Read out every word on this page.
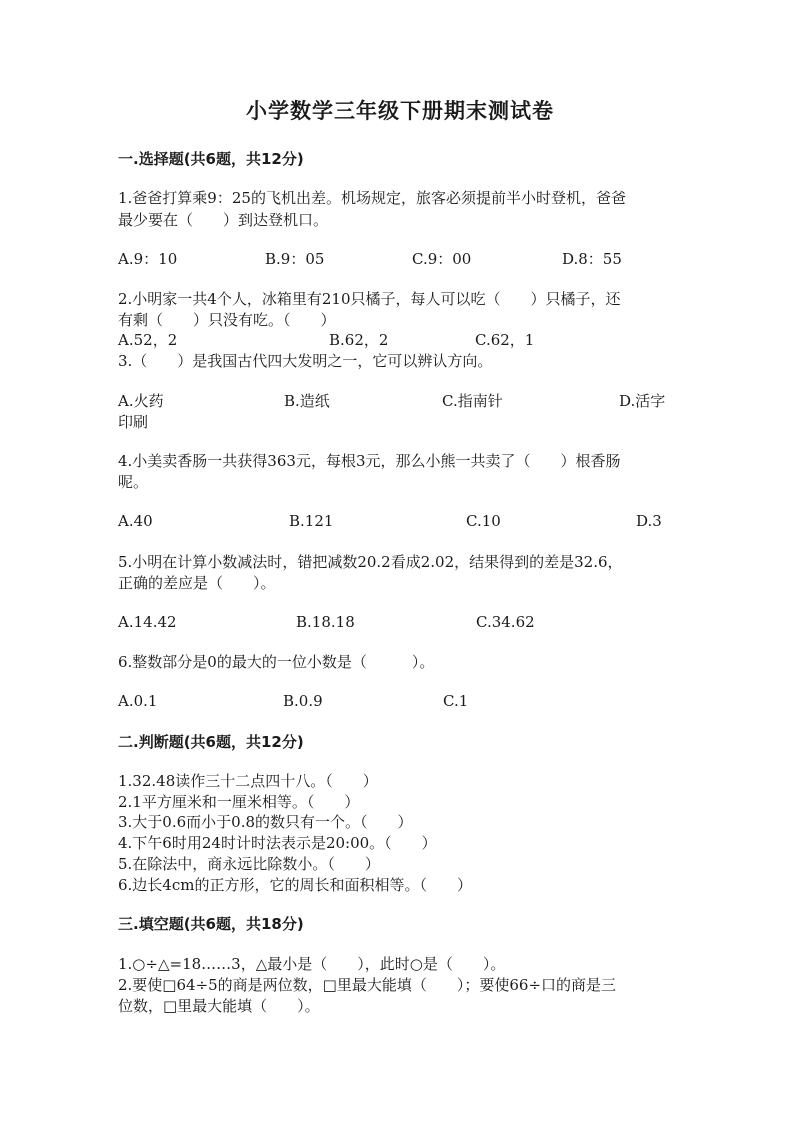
小学数学三年级下册期末测试卷
一.选择题(共6题，共12分)
1.爸爸打算乘9：25的飞机出差。机场规定，旅客必须提前半小时登机，爸爸
最少要在（　　）到达登机口。
A.9：10	B.9：05	C.9：00	D.8：55
2.小明家一共4个人，冰箱里有210只橘子，每人可以吃（　　）只橘子，还
有剩（　　）只没有吃。（　　）
A.52，2	B.62，2	C.62，1
3.（　　）是我国古代四大发明之一，它可以辨认方向。
A.火药	B.造纸	C.指南针	D.活字
印刷
4.小美卖香肠一共获得363元，每根3元，那么小熊一共卖了（　　）根香肠
呢。
A.40	B.121	C.10	D.3
5.小明在计算小数减法时，错把减数20.2看成2.02，结果得到的差是32.6，
正确的差应是（　　）。
A.14.42	B.18.18	C.34.62
6.整数部分是0的最大的一位小数是（　　　）。
A.0.1	B.0.9	C.1
二.判断题(共6题，共12分)
1.32.48读作三十二点四十八。（　　）
2.1平方厘米和一厘米相等。（　　）
3.大于0.6而小于0.8的数只有一个。（　　）
4.下午6时用24时计时法表示是20:00。（　　）
5.在除法中，商永远比除数小。（　　）
6.边长4cm的正方形，它的周长和面积相等。（　　）
三.填空题(共6题，共18分)
1.○÷△=18……3，△最小是（　　），此时○是（　　）。
2.要使□64÷5的商是两位数，□里最大能填（　　）；要使66÷口的商是三
位数，□里最大能填（　　）。
